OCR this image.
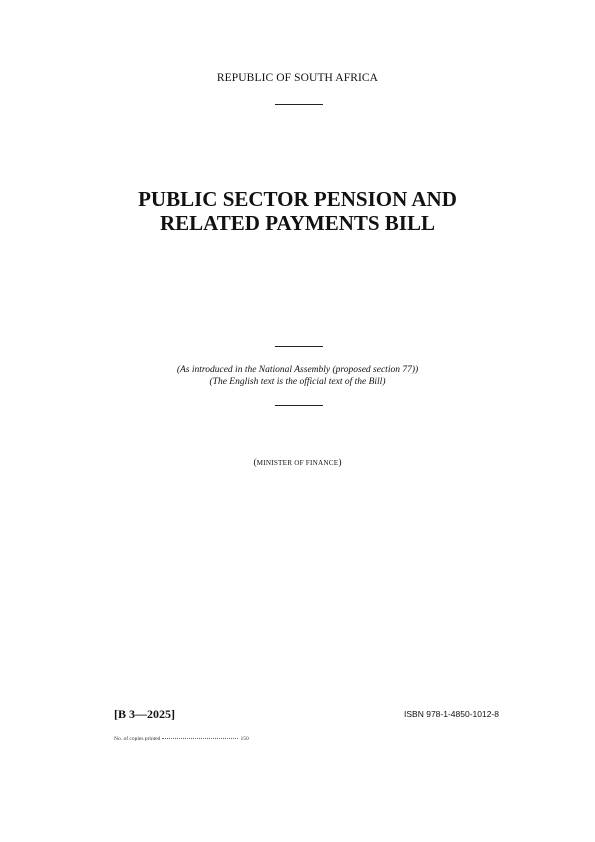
REPUBLIC OF SOUTH AFRICA
PUBLIC SECTOR PENSION AND
RELATED PAYMENTS BILL
(As introduced in the National Assembly (proposed section 77))
(The English text is the official text of the Bill)
(MINISTER OF FINANCE)
[B 3—2025]	ISBN 978-1-4850-1012-8
No. of copies printed	150
